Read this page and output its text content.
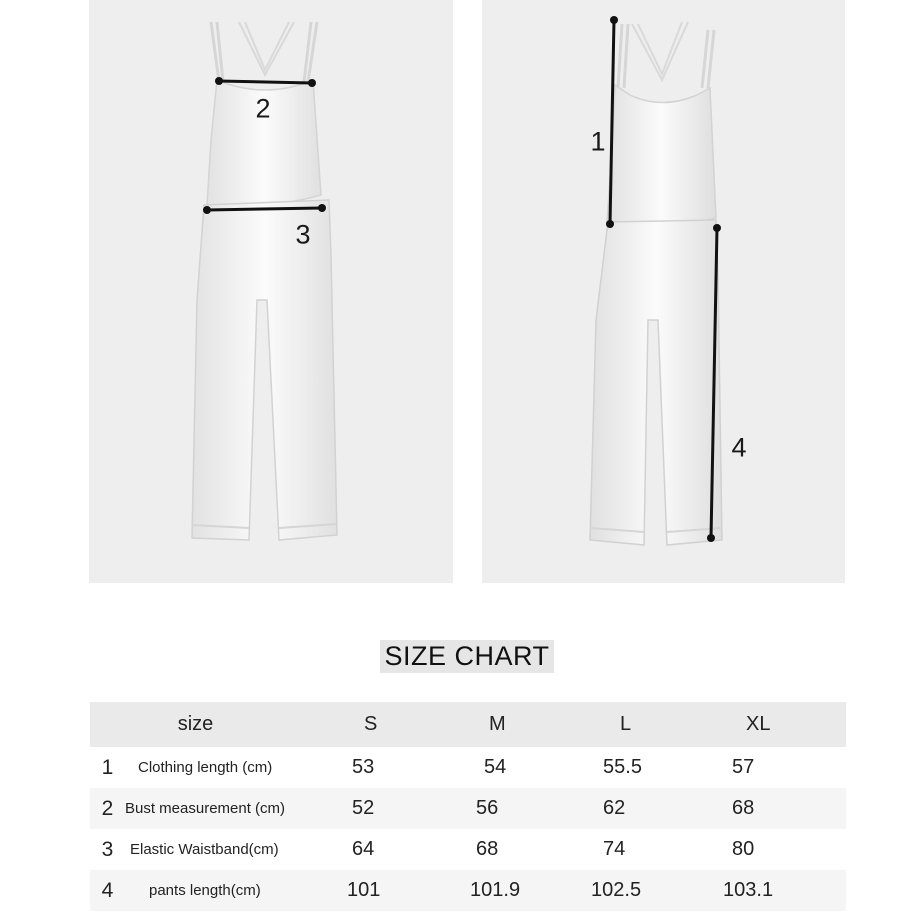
2
3
1
4
SIZE CHART
size		S	M	L	XL
1	Clothing length (cm)	53	54	55.5	57
2	Bust measurement (cm)	52	56	62	68
3	Elastic Waistband(cm)	64	68	74	80
4	pants length(cm)	101	101.9	102.5	103.1
